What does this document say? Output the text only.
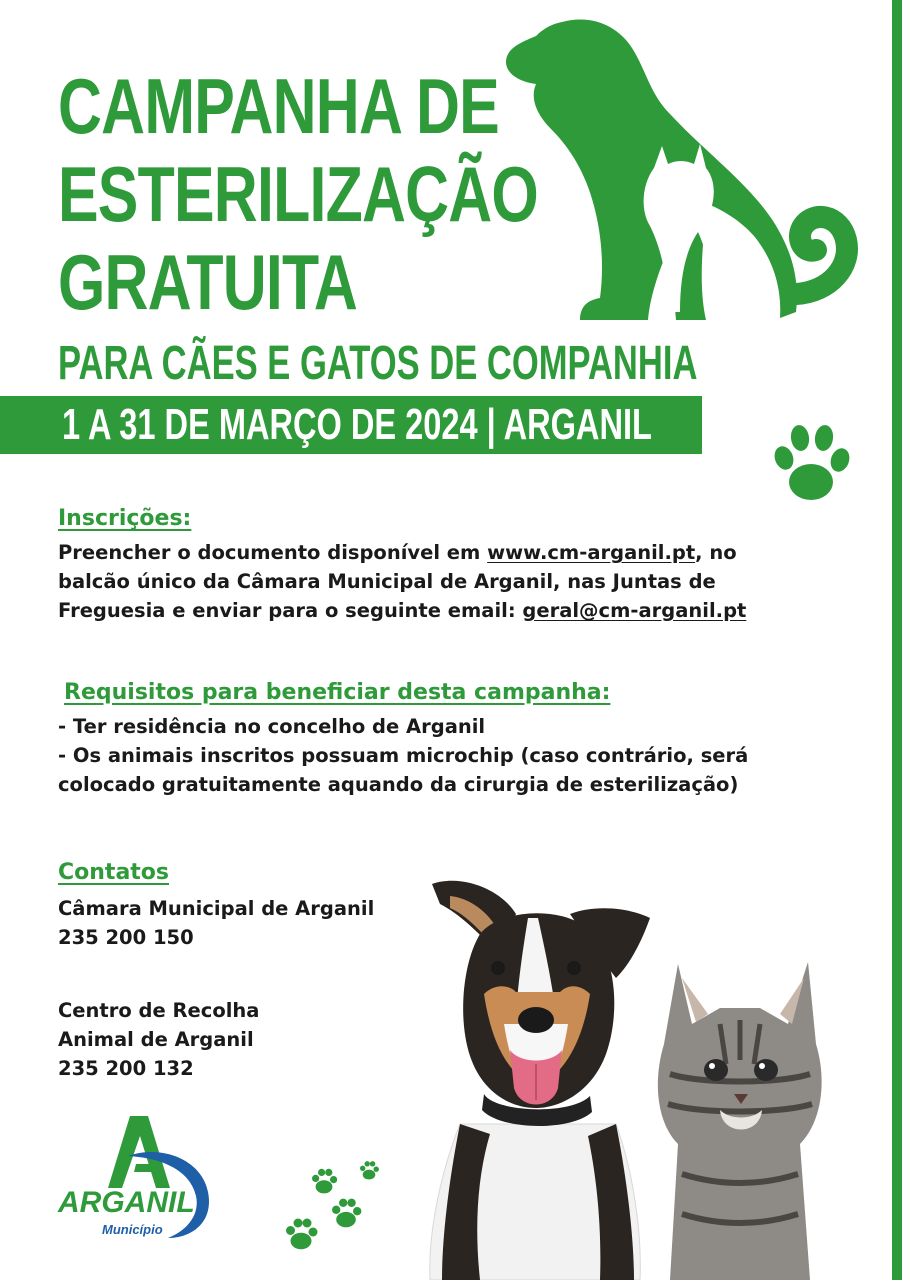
CAMPANHA DE
ESTERILIZAÇÃO
GRATUITA
PARA CÃES E GATOS DE COMPANHIA
1 A 31 DE MARÇO DE 2024 | ARGANIL
Inscrições:

Preencher o documento disponível em www.cm-arganil.pt, no
balcão único da Câmara Municipal de Arganil, nas Juntas de
Freguesia e enviar para o seguinte email: geral@cm-arganil.pt

Requisitos para beneficiar desta campanha:

- Ter residência no concelho de Arganil
- Os animais inscritos possuam microchip (caso contrário, será
colocado gratuitamente aquando da cirurgia de esterilização)

Contatos

Câmara Municipal de Arganil
235 200 150

Centro de Recolha
Animal de Arganil
235 200 132

ARGANIL
Município
